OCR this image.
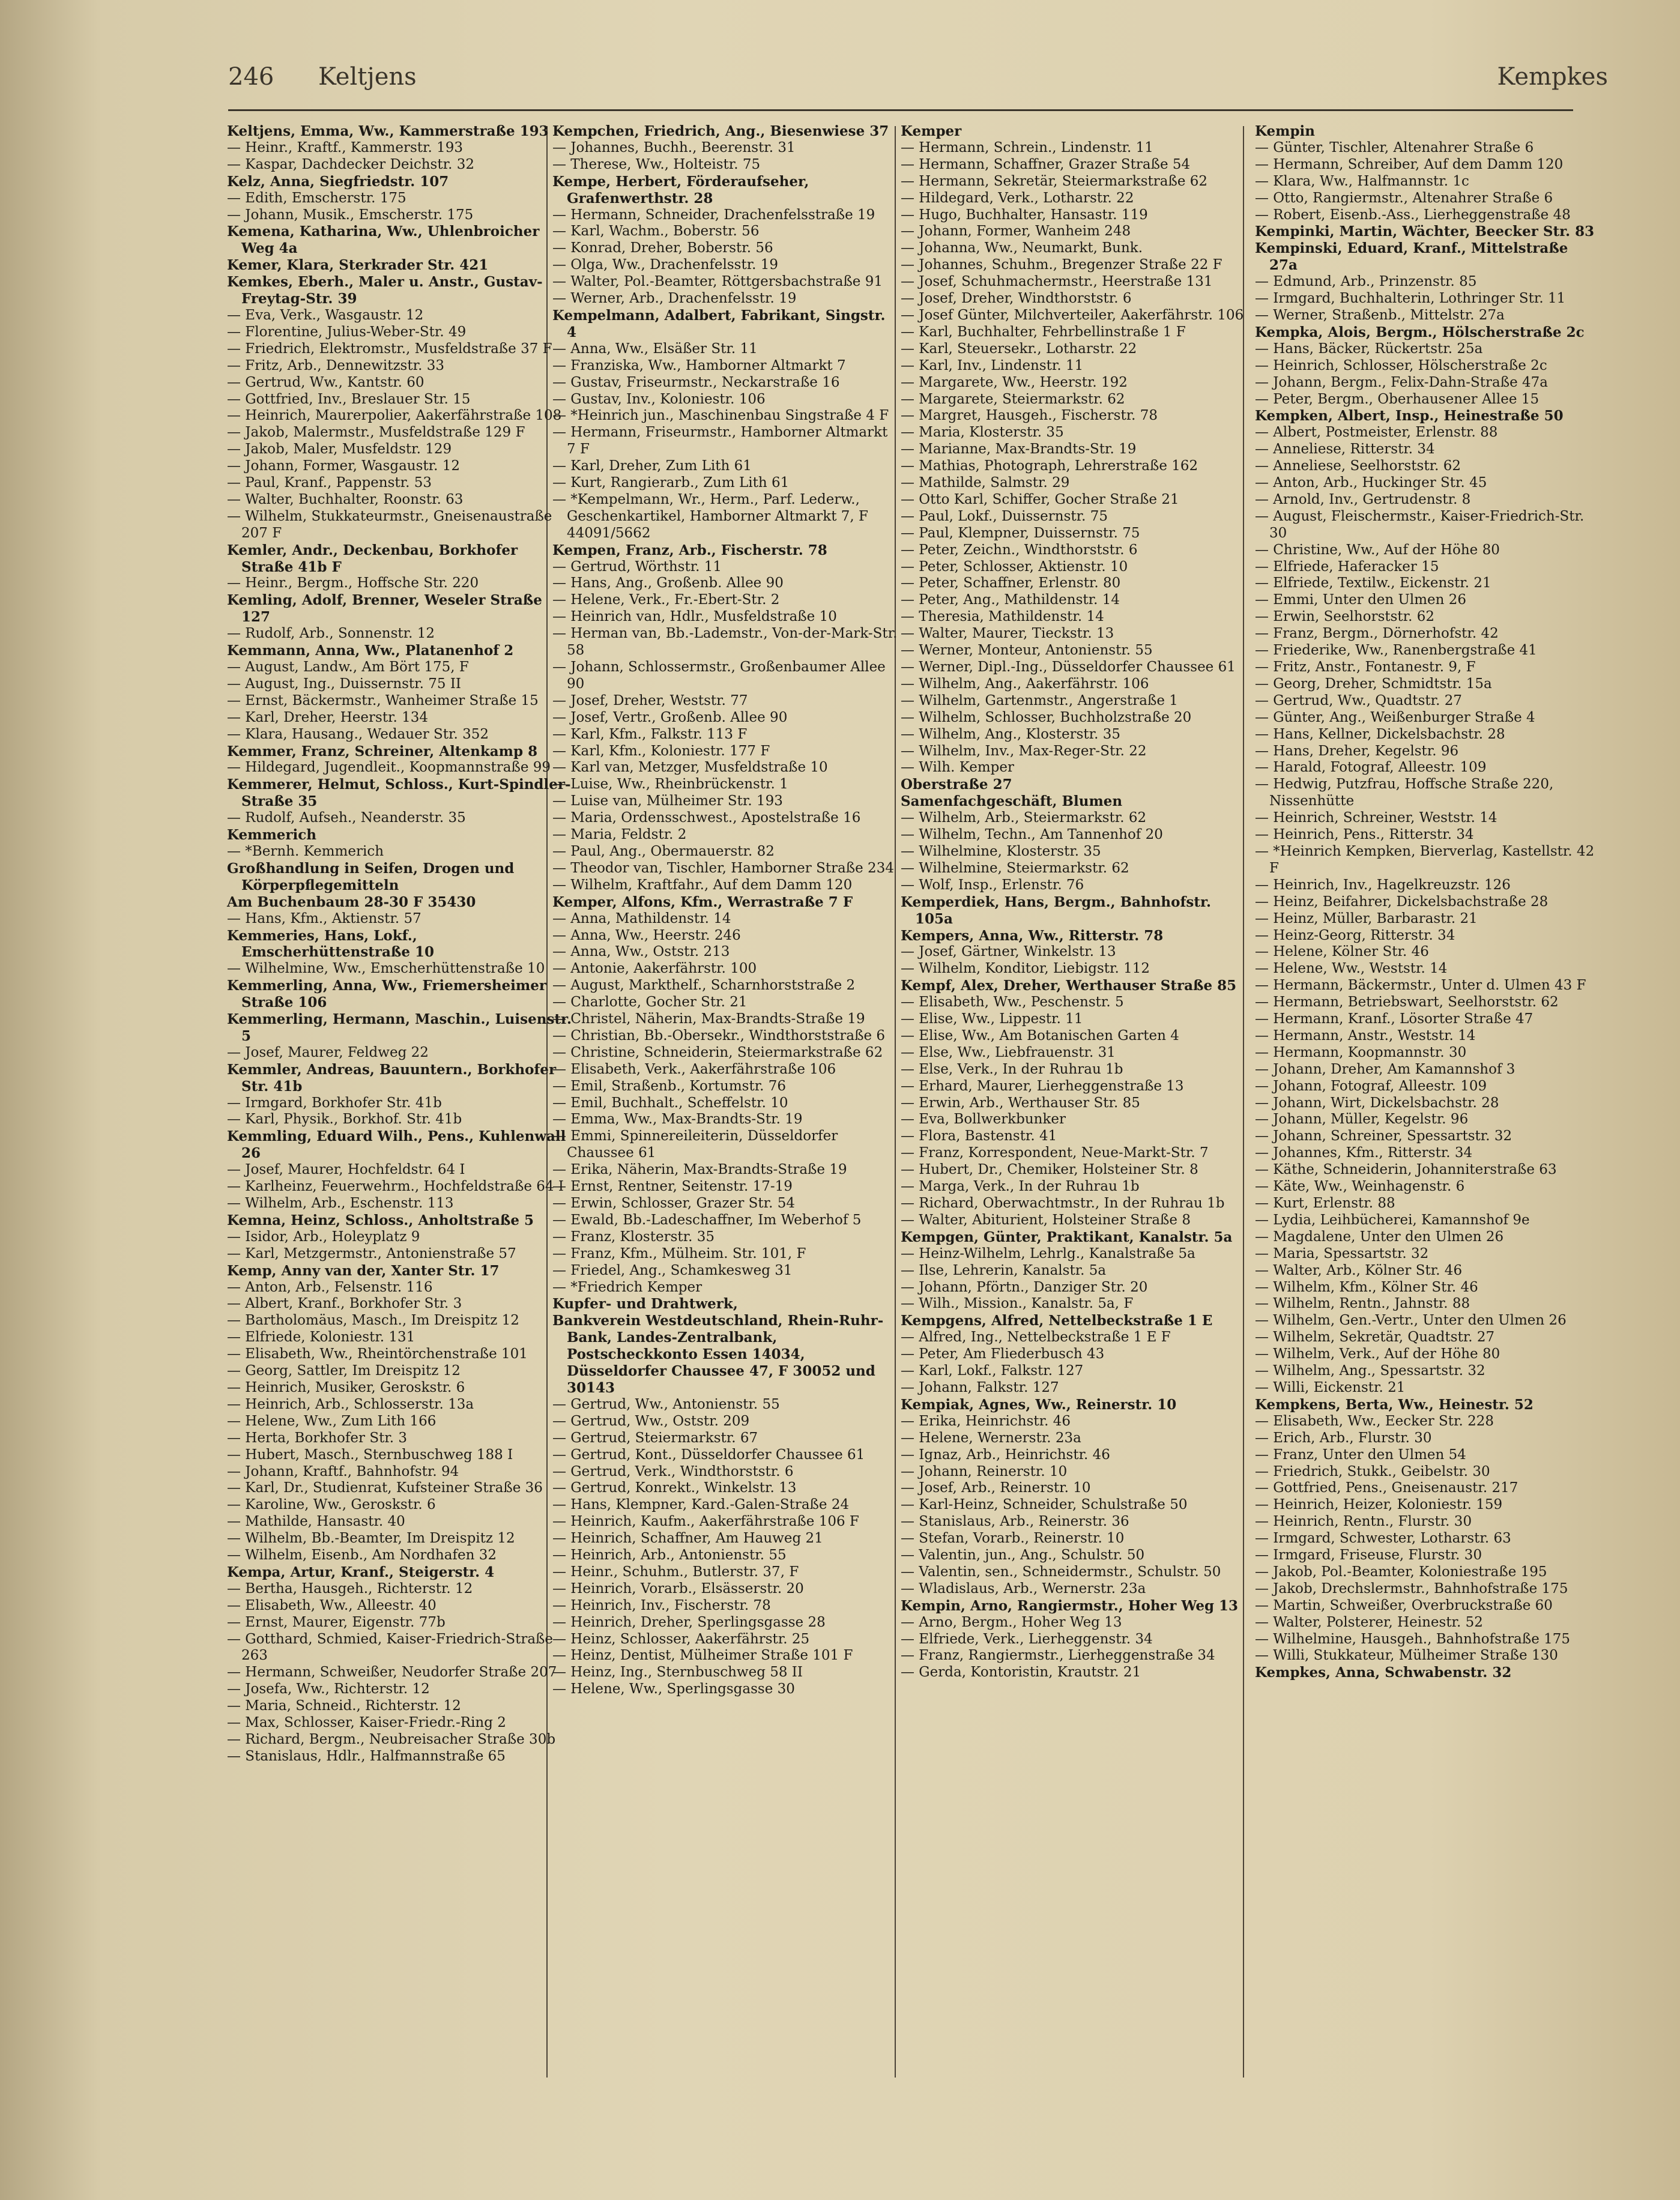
246 Keltjens	Kempkes

Keltjens, Emma, Ww., Kammerstraße 193

— Heinr., Kraftf., Kammerstr. 193

— Kaspar, Dachdecker Deichstr. 32

Kelz, Anna, Siegfriedstr. 107

— Edith, Emscherstr. 175

— Johann, Musik., Emscherstr. 175

Kemena, Katharina, Ww., Uhlenbroicher Weg 4a

Kemer, Klara, Sterkrader Str. 421

Kemkes, Eberh., Maler u. Anstr., Gustav-Freytag-Str. 39

— Eva, Verk., Wasgaustr. 12

— Florentine, Julius-Weber-Str. 49

— Friedrich, Elektromstr., Musfeldstraße 37 F

— Fritz, Arb., Dennewitzstr. 33

— Gertrud, Ww., Kantstr. 60

— Gottfried, Inv., Breslauer Str. 15

— Heinrich, Maurerpolier, Aakerfährstraße 108

— Jakob, Malermstr., Musfeldstraße 129 F

— Jakob, Maler, Musfeldstr. 129

— Johann, Former, Wasgaustr. 12

— Paul, Kranf., Pappenstr. 53

— Walter, Buchhalter, Roonstr. 63

— Wilhelm, Stukkateurmstr., Gneisenaustraße 207 F

Kemler, Andr., Deckenbau, Borkhofer Straße 41b F

— Heinr., Bergm., Hoffsche Str. 220

Kemling, Adolf, Brenner, Weseler Straße 127

— Rudolf, Arb., Sonnenstr. 12

Kemmann, Anna, Ww., Platanenhof 2

— August, Landw., Am Bört 175, F

— August, Ing., Duissernstr. 75 II

— Ernst, Bäckermstr., Wanheimer Straße 15

— Karl, Dreher, Heerstr. 134

— Klara, Hausang., Wedauer Str. 352

Kemmer, Franz, Schreiner, Altenkamp 8

— Hildegard, Jugendleit., Koopmannstraße 99

Kemmerer, Helmut, Schloss., Kurt-Spindler-Straße 35

— Rudolf, Aufseh., Neanderstr. 35

Kemmerich

— *Bernh. Kemmerich

Großhandlung in Seifen, Drogen und Körperpflegemitteln

Am Buchenbaum 28-30 F 35430

— Hans, Kfm., Aktienstr. 57

Kemmeries, Hans, Lokf., Emscherhüttenstraße 10

— Wilhelmine, Ww., Emscherhüttenstraße 10

Kemmerling, Anna, Ww., Friemersheimer Straße 106

Kemmerling, Hermann, Maschin., Luisenstr. 5

— Josef, Maurer, Feldweg 22

Kemmler, Andreas, Bauuntern., Borkhofer Str. 41b

— Irmgard, Borkhofer Str. 41b

— Karl, Physik., Borkhof. Str. 41b

Kemmling, Eduard Wilh., Pens., Kuhlenwall 26

— Josef, Maurer, Hochfeldstr. 64 I

— Karlheinz, Feuerwehrm., Hochfeldstraße 64 I

— Wilhelm, Arb., Eschenstr. 113

Kemna, Heinz, Schloss., Anholtstraße 5

— Isidor, Arb., Holeyplatz 9

— Karl, Metzgermstr., Antonienstraße 57

Kemp, Anny van der, Xanter Str. 17

— Anton, Arb., Felsenstr. 116

— Albert, Kranf., Borkhofer Str. 3

— Bartholomäus, Masch., Im Dreispitz 12

— Elfriede, Koloniestr. 131

— Elisabeth, Ww., Rheintörchenstraße 101

— Georg, Sattler, Im Dreispitz 12

— Heinrich, Musiker, Geroskstr. 6

— Heinrich, Arb., Schlosserstr. 13a

— Helene, Ww., Zum Lith 166

— Herta, Borkhofer Str. 3

— Hubert, Masch., Sternbuschweg 188 I

— Johann, Kraftf., Bahnhofstr. 94

— Karl, Dr., Studienrat, Kufsteiner Straße 36

— Karoline, Ww., Geroskstr. 6

— Mathilde, Hansastr. 40

— Wilhelm, Bb.-Beamter, Im Dreispitz 12

— Wilhelm, Eisenb., Am Nordhafen 32

Kempa, Artur, Kranf., Steigerstr. 4

— Bertha, Hausgeh., Richterstr. 12

— Elisabeth, Ww., Alleestr. 40

— Ernst, Maurer, Eigenstr. 77b

— Gotthard, Schmied, Kaiser-Friedrich-Straße 263

— Hermann, Schweißer, Neudorfer Straße 207

— Josefa, Ww., Richterstr. 12

— Maria, Schneid., Richterstr. 12

— Max, Schlosser, Kaiser-Friedr.-Ring 2

— Richard, Bergm., Neubreisacher Straße 30b

— Stanislaus, Hdlr., Halfmannstraße 65

Kempchen, Friedrich, Ang., Biesenwiese 37

— Johannes, Buchh., Beerenstr. 31

— Therese, Ww., Holteistr. 75

Kempe, Herbert, Förderaufseher, Grafenwerthstr. 28

— Hermann, Schneider, Drachenfelsstraße 19

— Karl, Wachm., Boberstr. 56

— Konrad, Dreher, Boberstr. 56

— Olga, Ww., Drachenfelsstr. 19

— Walter, Pol.-Beamter, Röttgersbachstraße 91

— Werner, Arb., Drachenfelsstr. 19

Kempelmann, Adalbert, Fabrikant, Singstr. 4

— Anna, Ww., Elsäßer Str. 11

— Franziska, Ww., Hamborner Altmarkt 7

— Gustav, Friseurmstr., Neckarstraße 16

— Gustav, Inv., Koloniestr. 106

— *Heinrich jun., Maschinenbau Singstraße 4 F

— Hermann, Friseurmstr., Hamborner Altmarkt 7 F

— Karl, Dreher, Zum Lith 61

— Kurt, Rangierarb., Zum Lith 61

— *Kempelmann, Wr., Herm., Parf. Lederw., Geschenkartikel, Hamborner Altmarkt 7, F 44091/5662

Kempen, Franz, Arb., Fischerstr. 78

— Gertrud, Wörthstr. 11

— Hans, Ang., Großenb. Allee 90

— Helene, Verk., Fr.-Ebert-Str. 2

— Heinrich van, Hdlr., Musfeldstraße 10

— Herman van, Bb.-Lademstr., Von-der-Mark-Str. 58

— Johann, Schlossermstr., Großenbaumer Allee 90

— Josef, Dreher, Weststr. 77

— Josef, Vertr., Großenb. Allee 90

— Karl, Kfm., Falkstr. 113 F

— Karl, Kfm., Koloniestr. 177 F

— Karl van, Metzger, Musfeldstraße 10

— Luise, Ww., Rheinbrückenstr. 1

— Luise van, Mülheimer Str. 193

— Maria, Ordensschwest., Apostelstraße 16

— Maria, Feldstr. 2

— Paul, Ang., Obermauerstr. 82

— Theodor van, Tischler, Hamborner Straße 234

— Wilhelm, Kraftfahr., Auf dem Damm 120

Kemper, Alfons, Kfm., Werrastraße 7 F

— Anna, Mathildenstr. 14

— Anna, Ww., Heerstr. 246

— Anna, Ww., Oststr. 213

— Antonie, Aakerfährstr. 100

— August, Markthelf., Scharnhorststraße 2

— Charlotte, Gocher Str. 21

— Christel, Näherin, Max-Brandts-Straße 19

— Christian, Bb.-Obersekr., Windthorststraße 6

— Christine, Schneiderin, Steiermarkstraße 62

— Elisabeth, Verk., Aakerfährstraße 106

— Emil, Straßenb., Kortumstr. 76

— Emil, Buchhalt., Scheffelstr. 10

— Emma, Ww., Max-Brandts-Str. 19

— Emmi, Spinnereileiterin, Düsseldorfer Chaussee 61

— Erika, Näherin, Max-Brandts-Straße 19

— Ernst, Rentner, Seitenstr. 17-19

— Erwin, Schlosser, Grazer Str. 54

— Ewald, Bb.-Ladeschaffner, Im Weberhof 5

— Franz, Klosterstr. 35

— Franz, Kfm., Mülheim. Str. 101, F

— Friedel, Ang., Schamkesweg 31

— *Friedrich Kemper

Kupfer- und Drahtwerk,

Bankverein Westdeutschland, Rhein-Ruhr-Bank, Landes-Zentralbank, Postscheckkonto Essen 14034, Düsseldorfer Chaussee 47, F 30052 und 30143

— Gertrud, Ww., Antonienstr. 55

— Gertrud, Ww., Oststr. 209

— Gertrud, Steiermarkstr. 67

— Gertrud, Kont., Düsseldorfer Chaussee 61

— Gertrud, Verk., Windthorststr. 6

— Gertrud, Konrekt., Winkelstr. 13

— Hans, Klempner, Kard.-Galen-Straße 24

— Heinrich, Kaufm., Aakerfährstraße 106 F

— Heinrich, Schaffner, Am Hauweg 21

— Heinrich, Arb., Antonienstr. 55

— Heinr., Schuhm., Butlerstr. 37, F

— Heinrich, Vorarb., Elsässerstr. 20

— Heinrich, Inv., Fischerstr. 78

— Heinrich, Dreher, Sperlingsgasse 28

— Heinz, Schlosser, Aakerfährstr. 25

— Heinz, Dentist, Mülheimer Straße 101 F

— Heinz, Ing., Sternbuschweg 58 II

— Helene, Ww., Sperlingsgasse 30

Kemper

— Hermann, Schrein., Lindenstr. 11

— Hermann, Schaffner, Grazer Straße 54

— Hermann, Sekretär, Steiermarkstraße 62

— Hildegard, Verk., Lotharstr. 22

— Hugo, Buchhalter, Hansastr. 119

— Johann, Former, Wanheim 248

— Johanna, Ww., Neumarkt, Bunk.

— Johannes, Schuhm., Bregenzer Straße 22 F

— Josef, Schuhmachermstr., Heerstraße 131

— Josef, Dreher, Windthorststr. 6

— Josef Günter, Milchverteiler, Aakerfährstr. 106

— Karl, Buchhalter, Fehrbellinstraße 1 F

— Karl, Steuersekr., Lotharstr. 22

— Karl, Inv., Lindenstr. 11

— Margarete, Ww., Heerstr. 192

— Margarete, Steiermarkstr. 62

— Margret, Hausgeh., Fischerstr. 78

— Maria, Klosterstr. 35

— Marianne, Max-Brandts-Str. 19

— Mathias, Photograph, Lehrerstraße 162

— Mathilde, Salmstr. 29

— Otto Karl, Schiffer, Gocher Straße 21

— Paul, Lokf., Duissernstr. 75

— Paul, Klempner, Duissernstr. 75

— Peter, Zeichn., Windthorststr. 6

— Peter, Schlosser, Aktienstr. 10

— Peter, Schaffner, Erlenstr. 80

— Peter, Ang., Mathildenstr. 14

— Theresia, Mathildenstr. 14

— Walter, Maurer, Tieckstr. 13

— Werner, Monteur, Antonienstr. 55

— Werner, Dipl.-Ing., Düsseldorfer Chaussee 61

— Wilhelm, Ang., Aakerfährstr. 106

— Wilhelm, Gartenmstr., Angerstraße 1

— Wilhelm, Schlosser, Buchholzstraße 20

— Wilhelm, Ang., Klosterstr. 35

— Wilhelm, Inv., Max-Reger-Str. 22

— Wilh. Kemper

Oberstraße 27

Samenfachgeschäft, Blumen

— Wilhelm, Arb., Steiermarkstr. 62

— Wilhelm, Techn., Am Tannenhof 20

— Wilhelmine, Klosterstr. 35

— Wilhelmine, Steiermarkstr. 62

— Wolf, Insp., Erlenstr. 76

Kemperdiek, Hans, Bergm., Bahnhofstr. 105a

Kempers, Anna, Ww., Ritterstr. 78

— Josef, Gärtner, Winkelstr. 13

— Wilhelm, Konditor, Liebigstr. 112

Kempf, Alex, Dreher, Werthauser Straße 85

— Elisabeth, Ww., Peschenstr. 5

— Elise, Ww., Lippestr. 11

— Elise, Ww., Am Botanischen Garten 4

— Else, Ww., Liebfrauenstr. 31

— Else, Verk., In der Ruhrau 1b

— Erhard, Maurer, Lierheggenstraße 13

— Erwin, Arb., Werthauser Str. 85

— Eva, Bollwerkbunker

— Flora, Bastenstr. 41

— Franz, Korrespondent, Neue-Markt-Str. 7

— Hubert, Dr., Chemiker, Holsteiner Str. 8

— Marga, Verk., In der Ruhrau 1b

— Richard, Oberwachtmstr., In der Ruhrau 1b

— Walter, Abiturient, Holsteiner Straße 8

Kempgen, Günter, Praktikant, Kanalstr. 5a

— Heinz-Wilhelm, Lehrlg., Kanalstraße 5a

— Ilse, Lehrerin, Kanalstr. 5a

— Johann, Pförtn., Danziger Str. 20

— Wilh., Mission., Kanalstr. 5a, F

Kempgens, Alfred, Nettelbeckstraße 1 E

— Alfred, Ing., Nettelbeckstraße 1 E F

— Peter, Am Fliederbusch 43

— Karl, Lokf., Falkstr. 127

— Johann, Falkstr. 127

Kempiak, Agnes, Ww., Reinerstr. 10

— Erika, Heinrichstr. 46

— Helene, Wernerstr. 23a

— Ignaz, Arb., Heinrichstr. 46

— Johann, Reinerstr. 10

— Josef, Arb., Reinerstr. 10

— Karl-Heinz, Schneider, Schulstraße 50

— Stanislaus, Arb., Reinerstr. 36

— Stefan, Vorarb., Reinerstr. 10

— Valentin, jun., Ang., Schulstr. 50

— Valentin, sen., Schneidermstr., Schulstr. 50

— Wladislaus, Arb., Wernerstr. 23a

Kempin, Arno, Rangiermstr., Hoher Weg 13

— Arno, Bergm., Hoher Weg 13

— Elfriede, Verk., Lierheggenstr. 34

— Franz, Rangiermstr., Lierheggenstraße 34

— Gerda, Kontoristin, Krautstr. 21

Kempin

— Günter, Tischler, Altenahrer Straße 6

— Hermann, Schreiber, Auf dem Damm 120

— Klara, Ww., Halfmannstr. 1c

— Otto, Rangiermstr., Altenahrer Straße 6

— Robert, Eisenb.-Ass., Lierheggenstraße 48

Kempinki, Martin, Wächter, Beecker Str. 83

Kempinski, Eduard, Kranf., Mittelstraße 27a

— Edmund, Arb., Prinzenstr. 85

— Irmgard, Buchhalterin, Lothringer Str. 11

— Werner, Straßenb., Mittelstr. 27a

Kempka, Alois, Bergm., Hölscherstraße 2c

— Hans, Bäcker, Rückertstr. 25a

— Heinrich, Schlosser, Hölscherstraße 2c

— Johann, Bergm., Felix-Dahn-Straße 47a

— Peter, Bergm., Oberhausener Allee 15

Kempken, Albert, Insp., Heinestraße 50

— Albert, Postmeister, Erlenstr. 88

— Anneliese, Ritterstr. 34

— Anneliese, Seelhorststr. 62

— Anton, Arb., Huckinger Str. 45

— Arnold, Inv., Gertrudenstr. 8

— August, Fleischermstr., Kaiser-Friedrich-Str. 30

— Christine, Ww., Auf der Höhe 80

— Elfriede, Haferacker 15

— Elfriede, Textilw., Eickenstr. 21

— Emmi, Unter den Ulmen 26

— Erwin, Seelhorststr. 62

— Franz, Bergm., Dörnerhofstr. 42

— Friederike, Ww., Ranenbergstraße 41

— Fritz, Anstr., Fontanestr. 9, F

— Georg, Dreher, Schmidtstr. 15a

— Gertrud, Ww., Quadtstr. 27

— Günter, Ang., Weißenburger Straße 4

— Hans, Kellner, Dickelsbachstr. 28

— Hans, Dreher, Kegelstr. 96

— Harald, Fotograf, Alleestr. 109

— Hedwig, Putzfrau, Hoffsche Straße 220, Nissenhütte

— Heinrich, Schreiner, Weststr. 14

— Heinrich, Pens., Ritterstr. 34

— *Heinrich Kempken, Bierverlag, Kastellstr. 42 F

— Heinrich, Inv., Hagelkreuzstr. 126

— Heinz, Beifahrer, Dickelsbachstraße 28

— Heinz, Müller, Barbarastr. 21

— Heinz-Georg, Ritterstr. 34

— Helene, Kölner Str. 46

— Helene, Ww., Weststr. 14

— Hermann, Bäckermstr., Unter d. Ulmen 43 F

— Hermann, Betriebswart, Seelhorststr. 62

— Hermann, Kranf., Lösorter Straße 47

— Hermann, Anstr., Weststr. 14

— Hermann, Koopmannstr. 30

— Johann, Dreher, Am Kamannshof 3

— Johann, Fotograf, Alleestr. 109

— Johann, Wirt, Dickelsbachstr. 28

— Johann, Müller, Kegelstr. 96

— Johann, Schreiner, Spessartstr. 32

— Johannes, Kfm., Ritterstr. 34

— Käthe, Schneiderin, Johanniterstraße 63

— Käte, Ww., Weinhagenstr. 6

— Kurt, Erlenstr. 88

— Lydia, Leihbücherei, Kamannshof 9e

— Magdalene, Unter den Ulmen 26

— Maria, Spessartstr. 32

— Walter, Arb., Kölner Str. 46

— Wilhelm, Kfm., Kölner Str. 46

— Wilhelm, Rentn., Jahnstr. 88

— Wilhelm, Gen.-Vertr., Unter den Ulmen 26

— Wilhelm, Sekretär, Quadtstr. 27

— Wilhelm, Verk., Auf der Höhe 80

— Wilhelm, Ang., Spessartstr. 32

— Willi, Eickenstr. 21

Kempkens, Berta, Ww., Heinestr. 52

— Elisabeth, Ww., Eecker Str. 228

— Erich, Arb., Flurstr. 30

— Franz, Unter den Ulmen 54

— Friedrich, Stukk., Geibelstr. 30

— Gottfried, Pens., Gneisenaustr. 217

— Heinrich, Heizer, Koloniestr. 159

— Heinrich, Rentn., Flurstr. 30

— Irmgard, Schwester, Lotharstr. 63

— Irmgard, Friseuse, Flurstr. 30

— Jakob, Pol.-Beamter, Koloniestraße 195

— Jakob, Drechslermstr., Bahnhofstraße 175

— Martin, Schweißer, Overbruckstraße 60

— Walter, Polsterer, Heinestr. 52

— Wilhelmine, Hausgeh., Bahnhofstraße 175

— Willi, Stukkateur, Mülheimer Straße 130

Kempkes, Anna, Schwabenstr. 32
